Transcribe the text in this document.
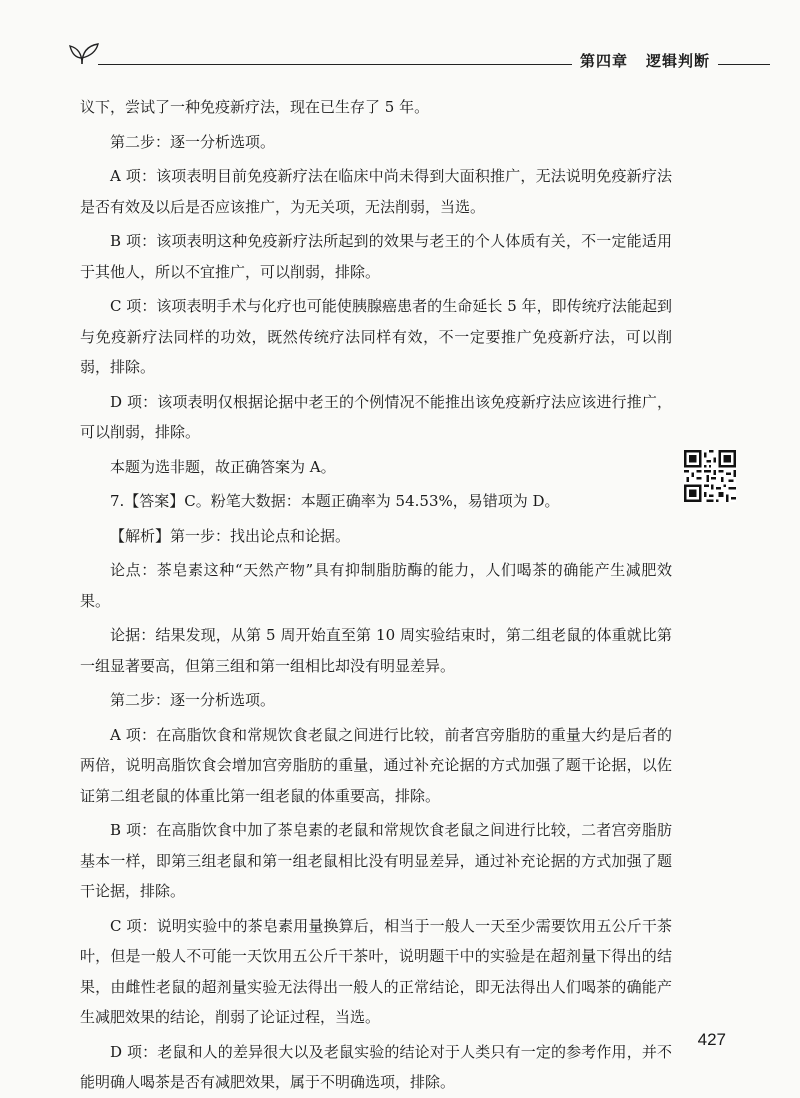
第四章 逻辑判断

议下，尝试了一种免疫新疗法，现在已生存了 5 年。

第二步：逐一分析选项。

A 项：该项表明目前免疫新疗法在临床中尚未得到大面积推广，无法说明免疫新疗法是否有效及以后是否应该推广，为无关项，无法削弱，当选。

B 项：该项表明这种免疫新疗法所起到的效果与老王的个人体质有关，不一定能适用于其他人，所以不宜推广，可以削弱，排除。

C 项：该项表明手术与化疗也可能使胰腺癌患者的生命延长 5 年，即传统疗法能起到与免疫新疗法同样的功效，既然传统疗法同样有效，不一定要推广免疫新疗法，可以削弱，排除。

D 项：该项表明仅根据论据中老王的个例情况不能推出该免疫新疗法应该进行推广，可以削弱，排除。

本题为选非题，故正确答案为 A。

7.【答案】C。粉笔大数据：本题正确率为 54.53%，易错项为 D。

【解析】第一步：找出论点和论据。

论点：茶皂素这种“天然产物”具有抑制脂肪酶的能力，人们喝茶的确能产生减肥效果。

论据：结果发现，从第 5 周开始直至第 10 周实验结束时，第二组老鼠的体重就比第一组显著要高，但第三组和第一组相比却没有明显差异。

第二步：逐一分析选项。

A 项：在高脂饮食和常规饮食老鼠之间进行比较，前者宫旁脂肪的重量大约是后者的两倍，说明高脂饮食会增加宫旁脂肪的重量，通过补充论据的方式加强了题干论据，以佐证第二组老鼠的体重比第一组老鼠的体重要高，排除。

B 项：在高脂饮食中加了茶皂素的老鼠和常规饮食老鼠之间进行比较，二者宫旁脂肪基本一样，即第三组老鼠和第一组老鼠相比没有明显差异，通过补充论据的方式加强了题干论据，排除。

C 项：说明实验中的茶皂素用量换算后，相当于一般人一天至少需要饮用五公斤干茶叶，但是一般人不可能一天饮用五公斤干茶叶，说明题干中的实验是在超剂量下得出的结果，由雌性老鼠的超剂量实验无法得出一般人的正常结论，即无法得出人们喝茶的确能产生减肥效果的结论，削弱了论证过程，当选。

D 项：老鼠和人的差异很大以及老鼠实验的结论对于人类只有一定的参考作用，并不能明确人喝茶是否有减肥效果，属于不明确选项，排除。

427
